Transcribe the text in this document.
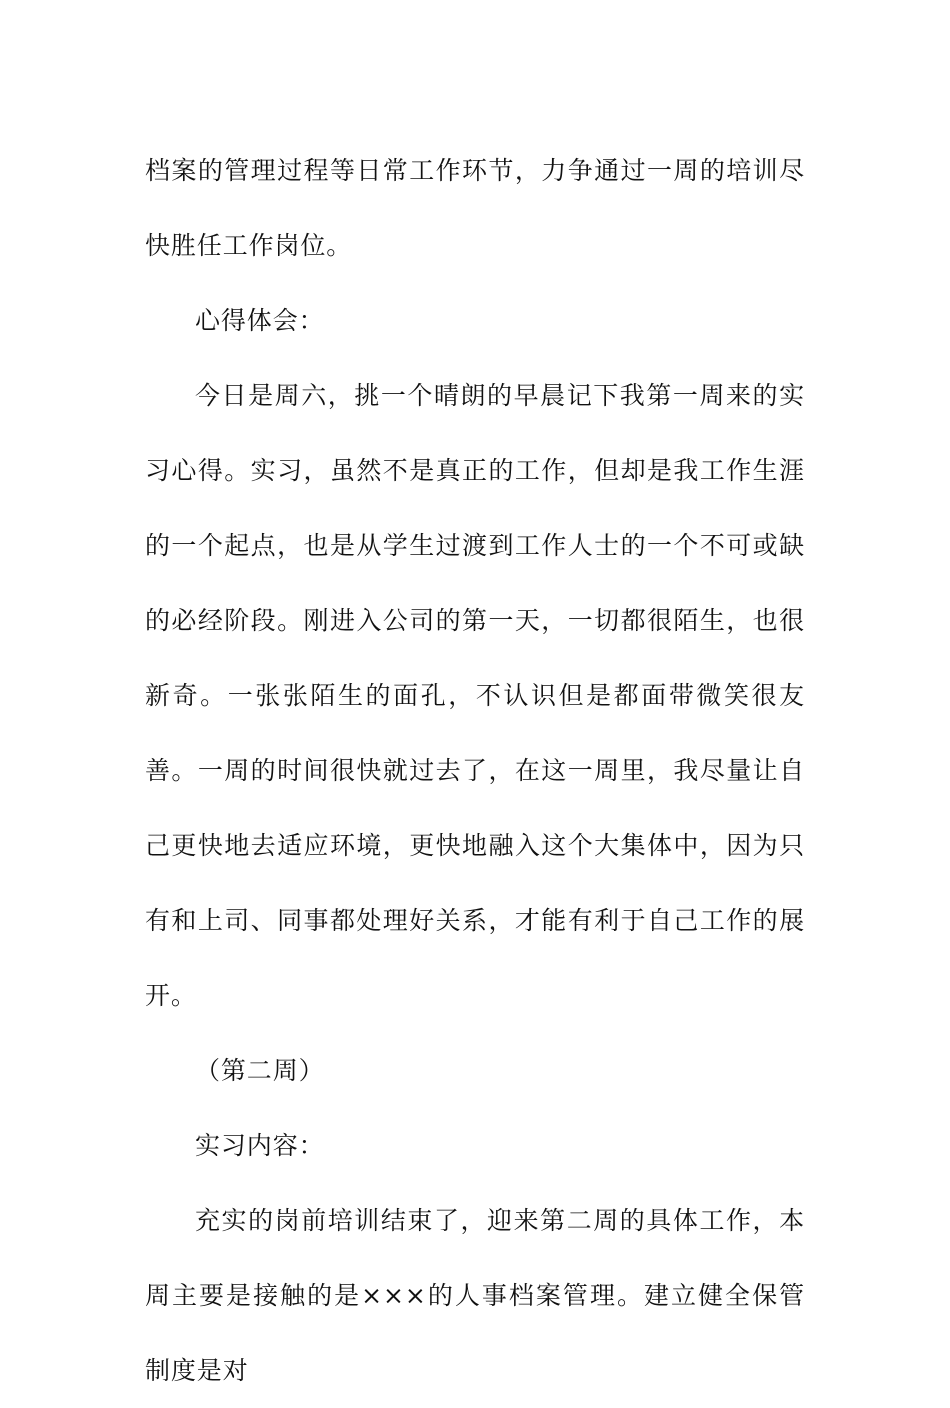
档案的管理过程等日常工作环节，力争通过一周的培训尽快胜任工作岗位。

心得体会：

今日是周六，挑一个晴朗的早晨记下我第一周来的实习心得。实习，虽然不是真正的工作，但却是我工作生涯的一个起点，也是从学生过渡到工作人士的一个不可或缺的必经阶段。刚进入公司的第一天，一切都很陌生，也很新奇。一张张陌生的面孔，不认识但是都面带微笑很友善。一周的时间很快就过去了，在这一周里，我尽量让自己更快地去适应环境，更快地融入这个大集体中，因为只有和上司、同事都处理好关系，才能有利于自己工作的展开。

（第二周）

实习内容：

充实的岗前培训结束了，迎来第二周的具体工作，本周主要是接触的是×××的人事档案管理。建立健全保管制度是对
